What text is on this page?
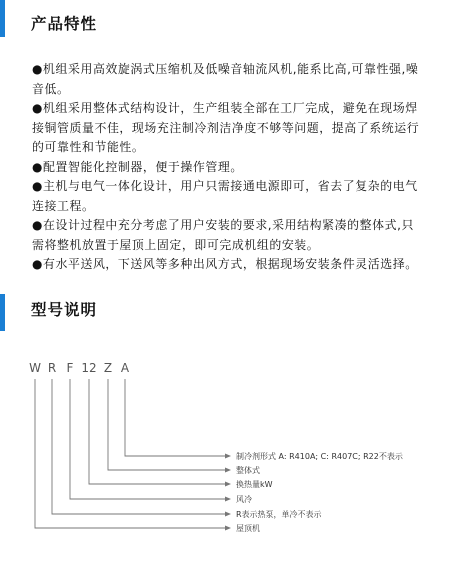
产品特性

●机组采用高效旋涡式压缩机及低噪音轴流风机,能系比高,可靠性强,噪音低。

●机组采用整体式结构设计，生产组装全部在工厂完成，避免在现场焊接铜管质量不佳，现场充注制冷剂洁净度不够等问题，提高了系统运行的可靠性和节能性。

●配置智能化控制器，便于操作管理。

●主机与电气一体化设计，用户只需接通电源即可，省去了复杂的电气连接工程。

●在设计过程中充分考虑了用户安装的要求,采用结构紧凑的整体式,只需将整机放置于屋顶上固定，即可完成机组的安装。

●有水平送风，下送风等多种出风方式，根据现场安装条件灵活选择。

型号说明
W R F 12 Z A
制冷剂形式 A: R410A; C: R407C; R22不表示
整体式
换热量kW
风冷
R表示热泵，单冷不表示
屋顶机
